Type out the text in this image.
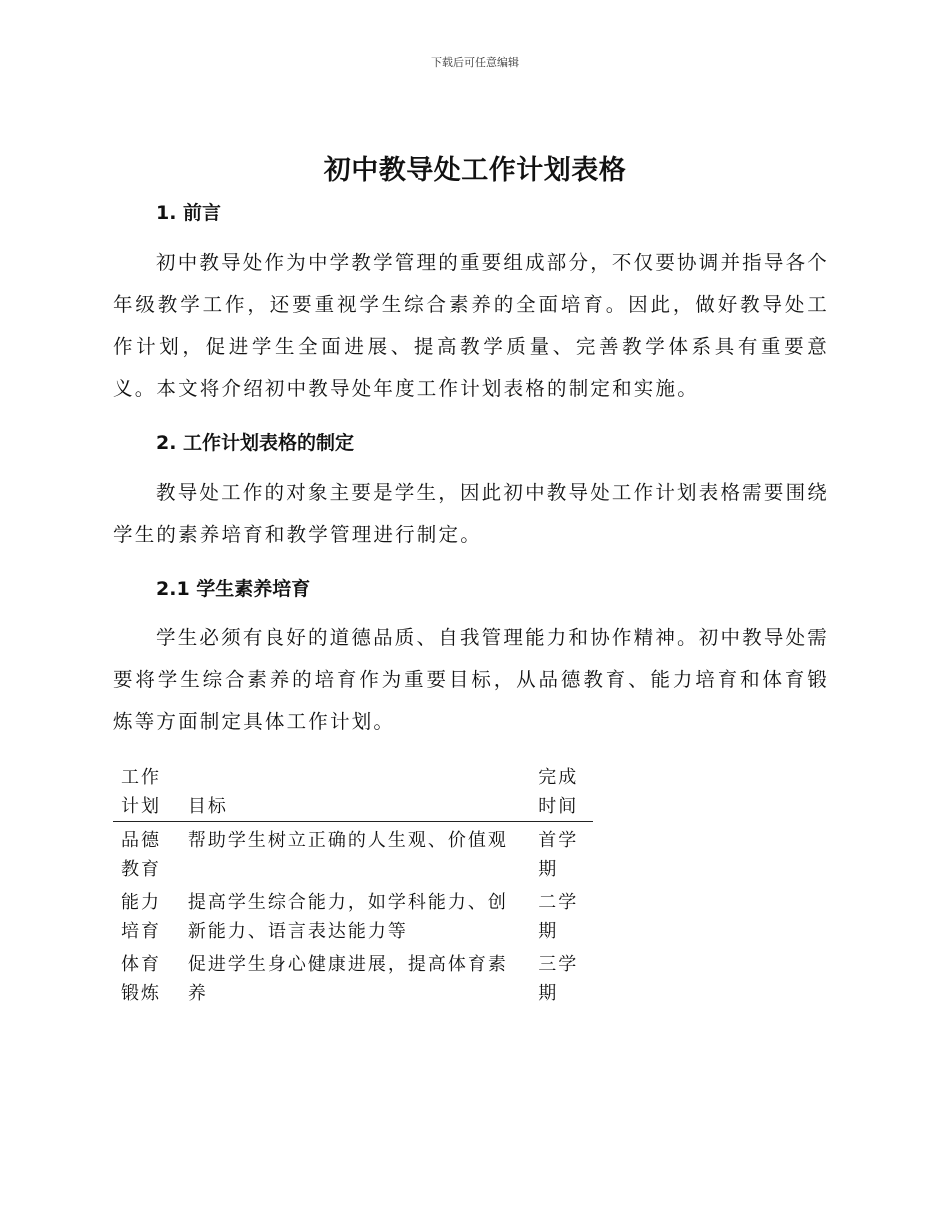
下载后可任意编辑
初中教导处工作计划表格
1. 前言

初中教导处作为中学教学管理的重要组成部分，不仅要协调并指导各个年级教学工作，还要重视学生综合素养的全面培育。因此，做好教导处工作计划，促进学生全面进展、提高教学质量、完善教学体系具有重要意义。本文将介绍初中教导处年度工作计划表格的制定和实施。

2. 工作计划表格的制定

教导处工作的对象主要是学生，因此初中教导处工作计划表格需要围绕学生的素养培育和教学管理进行制定。

2.1 学生素养培育

学生必须有良好的道德品质、自我管理能力和协作精神。初中教导处需要将学生综合素养的培育作为重要目标，从品德教育、能力培育和体育锻炼等方面制定具体工作计划。

工作计划	目标	完成时间
品德教育	帮助学生树立正确的人生观、价值观	首学期
能力培育	提高学生综合能力，如学科能力、创新能力、语言表达能力等	二学期
体育锻炼	促进学生身心健康进展，提高体育素养	三学期
